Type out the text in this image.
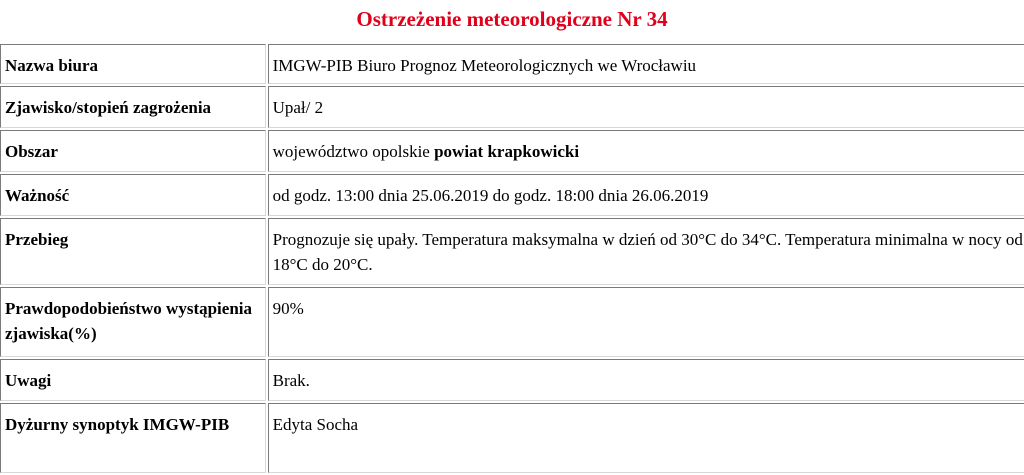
Ostrzeżenie meteorologiczne Nr 34
Nazwa biura	IMGW-PIB Biuro Prognoz Meteorologicznych we Wrocławiu
Zjawisko/stopień zagrożenia	Upał/ 2
Obszar	województwo opolskie powiat krapkowicki
Ważność	od godz. 13:00 dnia 25.06.2019 do godz. 18:00 dnia 26.06.2019
Przebieg	Prognozuje się upały. Temperatura maksymalna w dzień od 30°C do 34°C. Temperatura minimalna w nocy od 18°C do 20°C.
Prawdopodobieństwo wystąpienia zjawiska(%)	90%
Uwagi	Brak.
Dyżurny synoptyk IMGW-PIB	Edyta Socha
